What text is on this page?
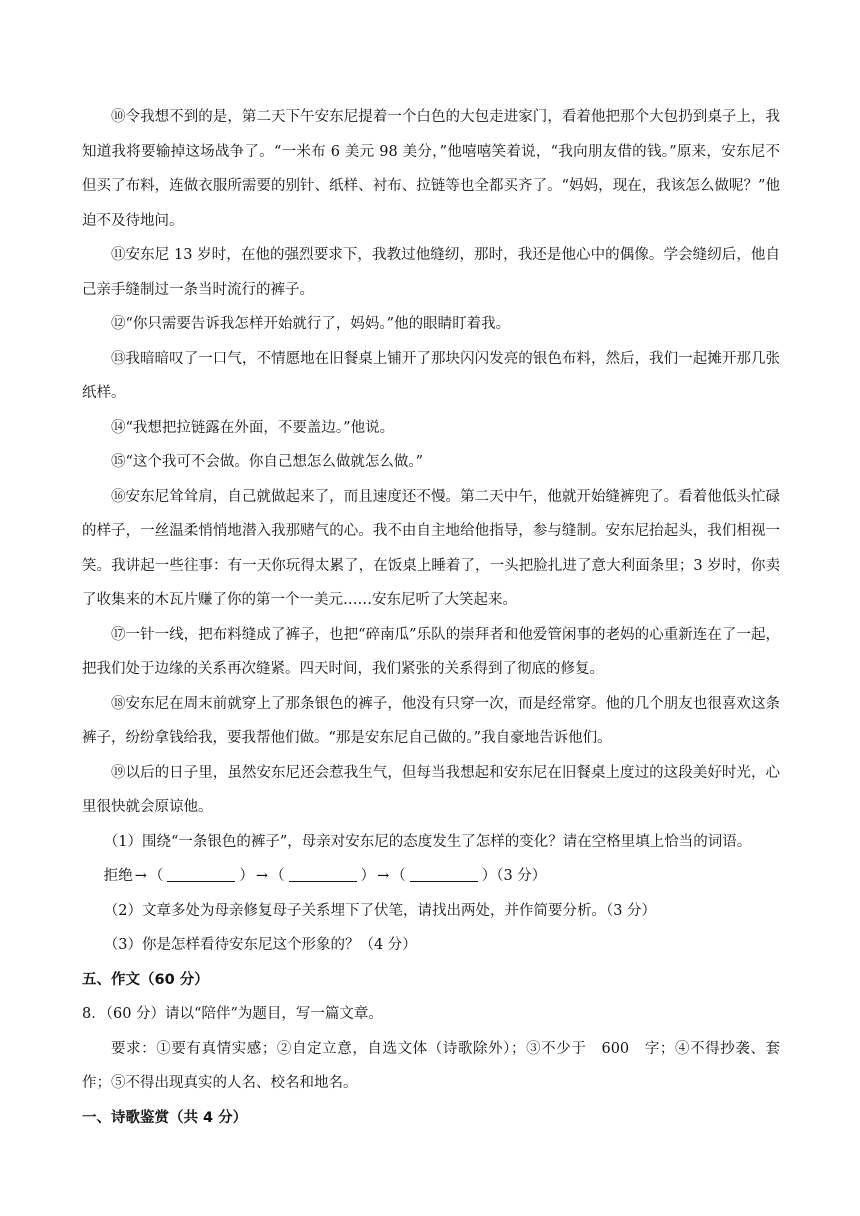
⑩令我想不到的是，第二天下午安东尼提着一个白色的大包走进家门，看着他把那个大包扔到桌子上，我知道我将要输掉这场战争了。“一米布 6 美元 98 美分，”他嘻嘻笑着说，“我向朋友借的钱。”原来，安东尼不但买了布料，连做衣服所需要的别针、纸样、衬布、拉链等也全都买齐了。“妈妈，现在，我该怎么做呢？”他迫不及待地问。

⑪安东尼 13 岁时，在他的强烈要求下，我教过他缝纫，那时，我还是他心中的偶像。学会缝纫后，他自己亲手缝制过一条当时流行的裤子。

⑫“你只需要告诉我怎样开始就行了，妈妈。”他的眼睛盯着我。

⑬我暗暗叹了一口气，不情愿地在旧餐桌上铺开了那块闪闪发亮的银色布料，然后，我们一起摊开那几张纸样。

⑭“我想把拉链露在外面，不要盖边。”他说。

⑮“这个我可不会做。你自己想怎么做就怎么做。”

⑯安东尼耸耸肩，自己就做起来了，而且速度还不慢。第二天中午，他就开始缝裤兜了。看着他低头忙碌的样子，一丝温柔悄悄地潜入我那赌气的心。我不由自主地给他指导，参与缝制。安东尼抬起头，我们相视一笑。我讲起一些往事：有一天你玩得太累了，在饭桌上睡着了，一头把脸扎进了意大利面条里；3 岁时，你卖了收集来的木瓦片赚了你的第一个一美元……安东尼听了大笑起来。

⑰一针一线，把布料缝成了裤子，也把“碎南瓜”乐队的崇拜者和他爱管闲事的老妈的心重新连在了一起，把我们处于边缘的关系再次缝紧。四天时间，我们紧张的关系得到了彻底的修复。

⑱安东尼在周末前就穿上了那条银色的裤子，他没有只穿一次，而是经常穿。他的几个朋友也很喜欢这条裤子，纷纷拿钱给我，要我帮他们做。“那是安东尼自己做的。”我自豪地告诉他们。

⑲以后的日子里，虽然安东尼还会惹我生气，但每当我想起和安东尼在旧餐桌上度过的这段美好时光，心里很快就会原谅他。

（1）围绕“一条银色的裤子”，母亲对安东尼的态度发生了怎样的变化？请在空格里填上恰当的词语。

拒绝 → （	） → （	） → （	）（3 分）

（2）文章多处为母亲修复母子关系埋下了伏笔，请找出两处，并作简要分析。（3 分）

（3）你是怎样看待安东尼这个形象的？（4 分）

五、作文（60 分）

8．（60 分）请以“陪伴”为题目，写一篇文章。

要求：①要有真情实感；②自定立意，自选文体（诗歌除外）；③不少于　600　字；④不得抄袭、套作；⑤不得出现真实的人名、校名和地名。

一、诗歌鉴赏（共 4 分）
